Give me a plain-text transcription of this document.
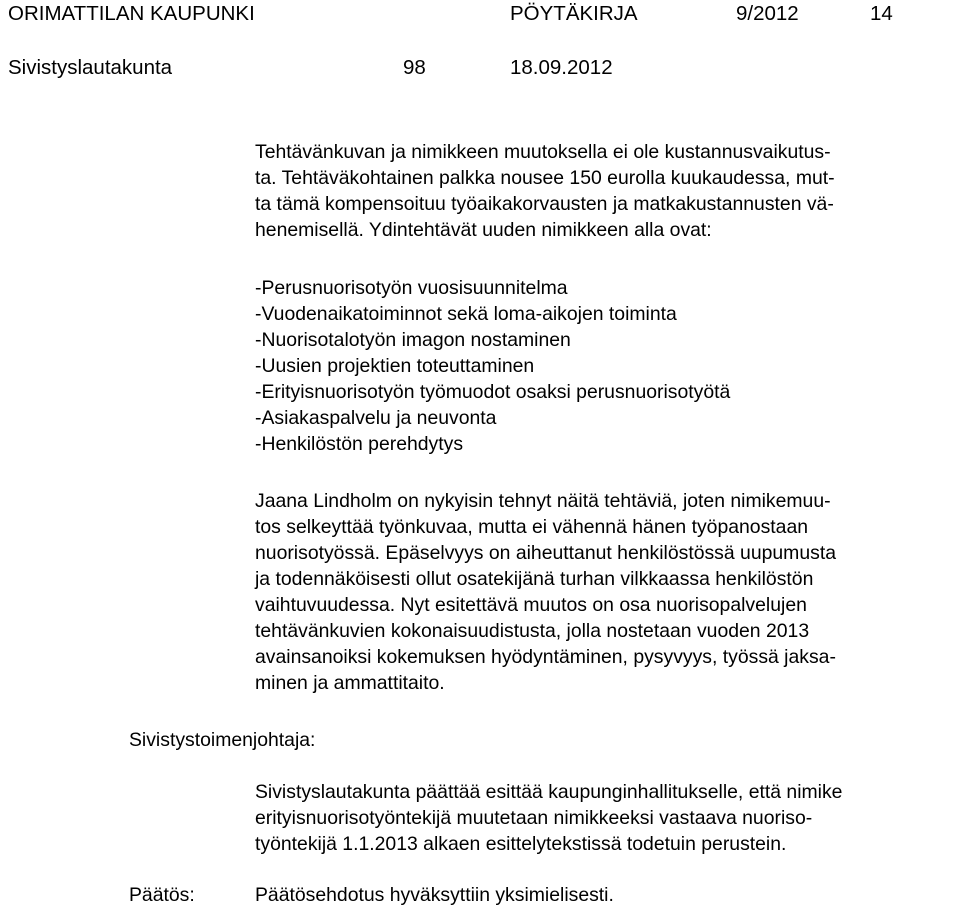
ORIMATTILAN KAUPUNKI	PÖYTÄKIRJA	9/2012	14
Sivistyslautakunta	98	18.09.2012
Tehtävänkuvan ja nimikkeen muutoksella ei ole kustannusvaikutus-
ta. Tehtäväkohtainen palkka nousee 150 eurolla kuukaudessa, mut-
ta tämä kompensoituu työaikakorvausten ja matkakustannusten vä-
henemisellä. Ydintehtävät uuden nimikkeen alla ovat:
-Perusnuorisotyön vuosisuunnitelma
-Vuodenaikatoiminnot sekä loma-aikojen toiminta
-Nuorisotalotyön imagon nostaminen
-Uusien projektien toteuttaminen
-Erityisnuorisotyön työmuodot osaksi perusnuorisotyötä
-Asiakaspalvelu ja neuvonta
-Henkilöstön perehdytys
Jaana Lindholm on nykyisin tehnyt näitä tehtäviä, joten nimikemuu-
tos selkeyttää työnkuvaa, mutta ei vähennä hänen työpanostaan
nuorisotyössä. Epäselvyys on aiheuttanut henkilöstössä uupumusta
ja todennäköisesti ollut osatekijänä turhan vilkkaassa henkilöstön
vaihtuvuudessa. Nyt esitettävä muutos on osa nuorisopalvelujen
tehtävänkuvien kokonaisuudistusta, jolla nostetaan vuoden 2013
avainsanoiksi kokemuksen hyödyntäminen, pysyvyys, työssä jaksa-
minen ja ammattitaito.
Sivistystoimenjohtaja:
Sivistyslautakunta päättää esittää kaupunginhallitukselle, että nimike
erityisnuorisotyöntekijä muutetaan nimikkeeksi vastaava nuoriso-
työntekijä 1.1.2013 alkaen esittelytekstissä todetuin perustein.
Päätös:	Päätösehdotus hyväksyttiin yksimielisesti.
